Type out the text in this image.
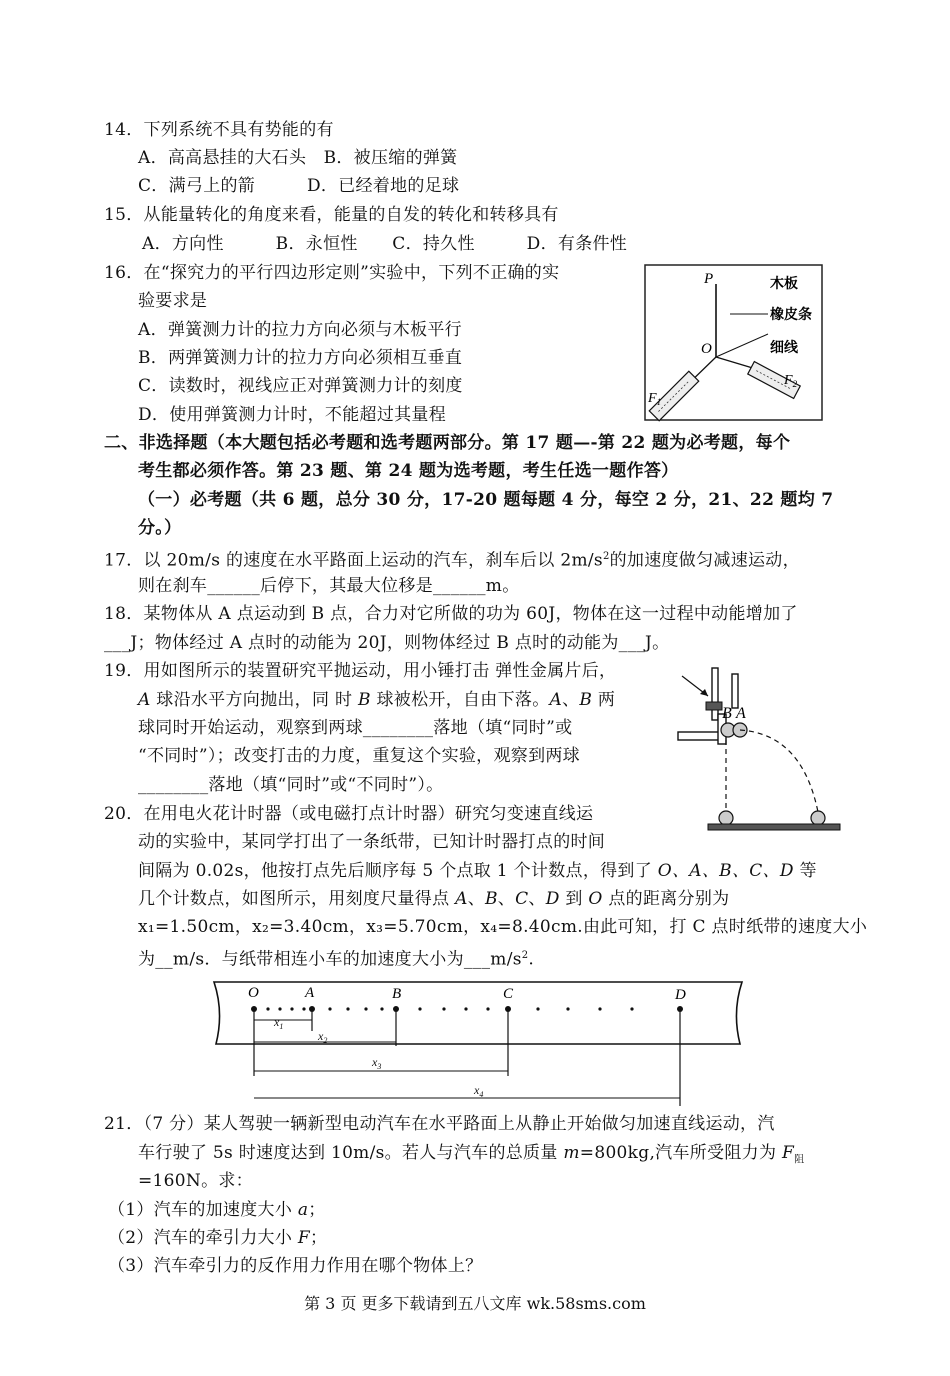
14．下列系统不具有势能的有
A．高高悬挂的大石头　B．被压缩的弹簧
C．满弓上的箭　　　D．已经着地的足球
15．从能量转化的角度来看，能量的自发的转化和转移具有
A．方向性　　　B．永恒性　　C．持久性　　　D．有条件性
16．在“探究力的平行四边形定则”实验中，下列不正确的实
验要求是
A．弹簧测力计的拉力方向必须与木板平行
B．两弹簧测力计的拉力方向必须相互垂直
C．读数时，视线应正对弹簧测力计的刻度
D．使用弹簧测力计时，不能超过其量程
P
O
$F_1$
$F_2$
木板
橡皮条
细线
二、非选择题（本大题包括必考题和选考题两部分。第 17 题—-第 22 题为必考题，每个
考生都必须作答。第 23 题、第 24 题为选考题，考生任选一题作答）
（一）必考题（共 6 题，总分 30 分，17-20 题每题 4 分，每空 2 分，21、22 题均 7
分。）
17．以 20m/s 的速度在水平路面上运动的汽车，刹车后以 $2m/s^2$的加速度做匀减速运动，
则在刹车______后停下，其最大位移是______m。
18．某物体从 A 点运动到 B 点，合力对它所做的功为 60J，物体在这一过程中动能增加了
___J；物体经过 A 点时的动能为 20J，则物体经过 B 点时的动能为___J。
19．用如图所示的装置研究平抛运动，用小锤打击 弹性金属片后，
A 球沿水平方向抛出，同 时 B 球被松开，自由下落。A、B 两
球同时开始运动，观察到两球________落地（填“同时”或
“不同时”）；改变打击的力度，重复这个实验，观察到两球
________落地（填“同时”或“不同时”）。
B A
20．在用电火花计时器（或电磁打点计时器）研究匀变速直线运
动的实验中，某同学打出了一条纸带，已知计时器打点的时间
间隔为 0.02s，他按打点先后顺序每 5 个点取 1 个计数点，得到了 O、A、B、C、D 等
几个计数点，如图所示，用刻度尺量得点 A、B、C、D 到 O 点的距离分别为
x₁=1.50cm，x₂=3.40cm，x₃=5.70cm，x₄=8.40cm.由此可知，打 C 点时纸带的速度大小
为__m/s．与纸带相连小车的加速度大小为$\_\_\_m/s^2$.
O	A	B	C	D
$x_1$
$x_2$
$x_3$
$x_4$
21．（7 分）某人驾驶一辆新型电动汽车在水平路面上从静止开始做匀加速直线运动，汽
车行驶了 5s 时速度达到 10m/s。若人与汽车的总质量 m=800kg,汽车所受阻力为 $F_阻$
=160N。求：
（1）汽车的加速度大小 a；
（2）汽车的牵引力大小 F；
（3）汽车牵引力的反作用力作用在哪个物体上？
第 3 页 更多下载请到五八文库 wk.58sms.com
